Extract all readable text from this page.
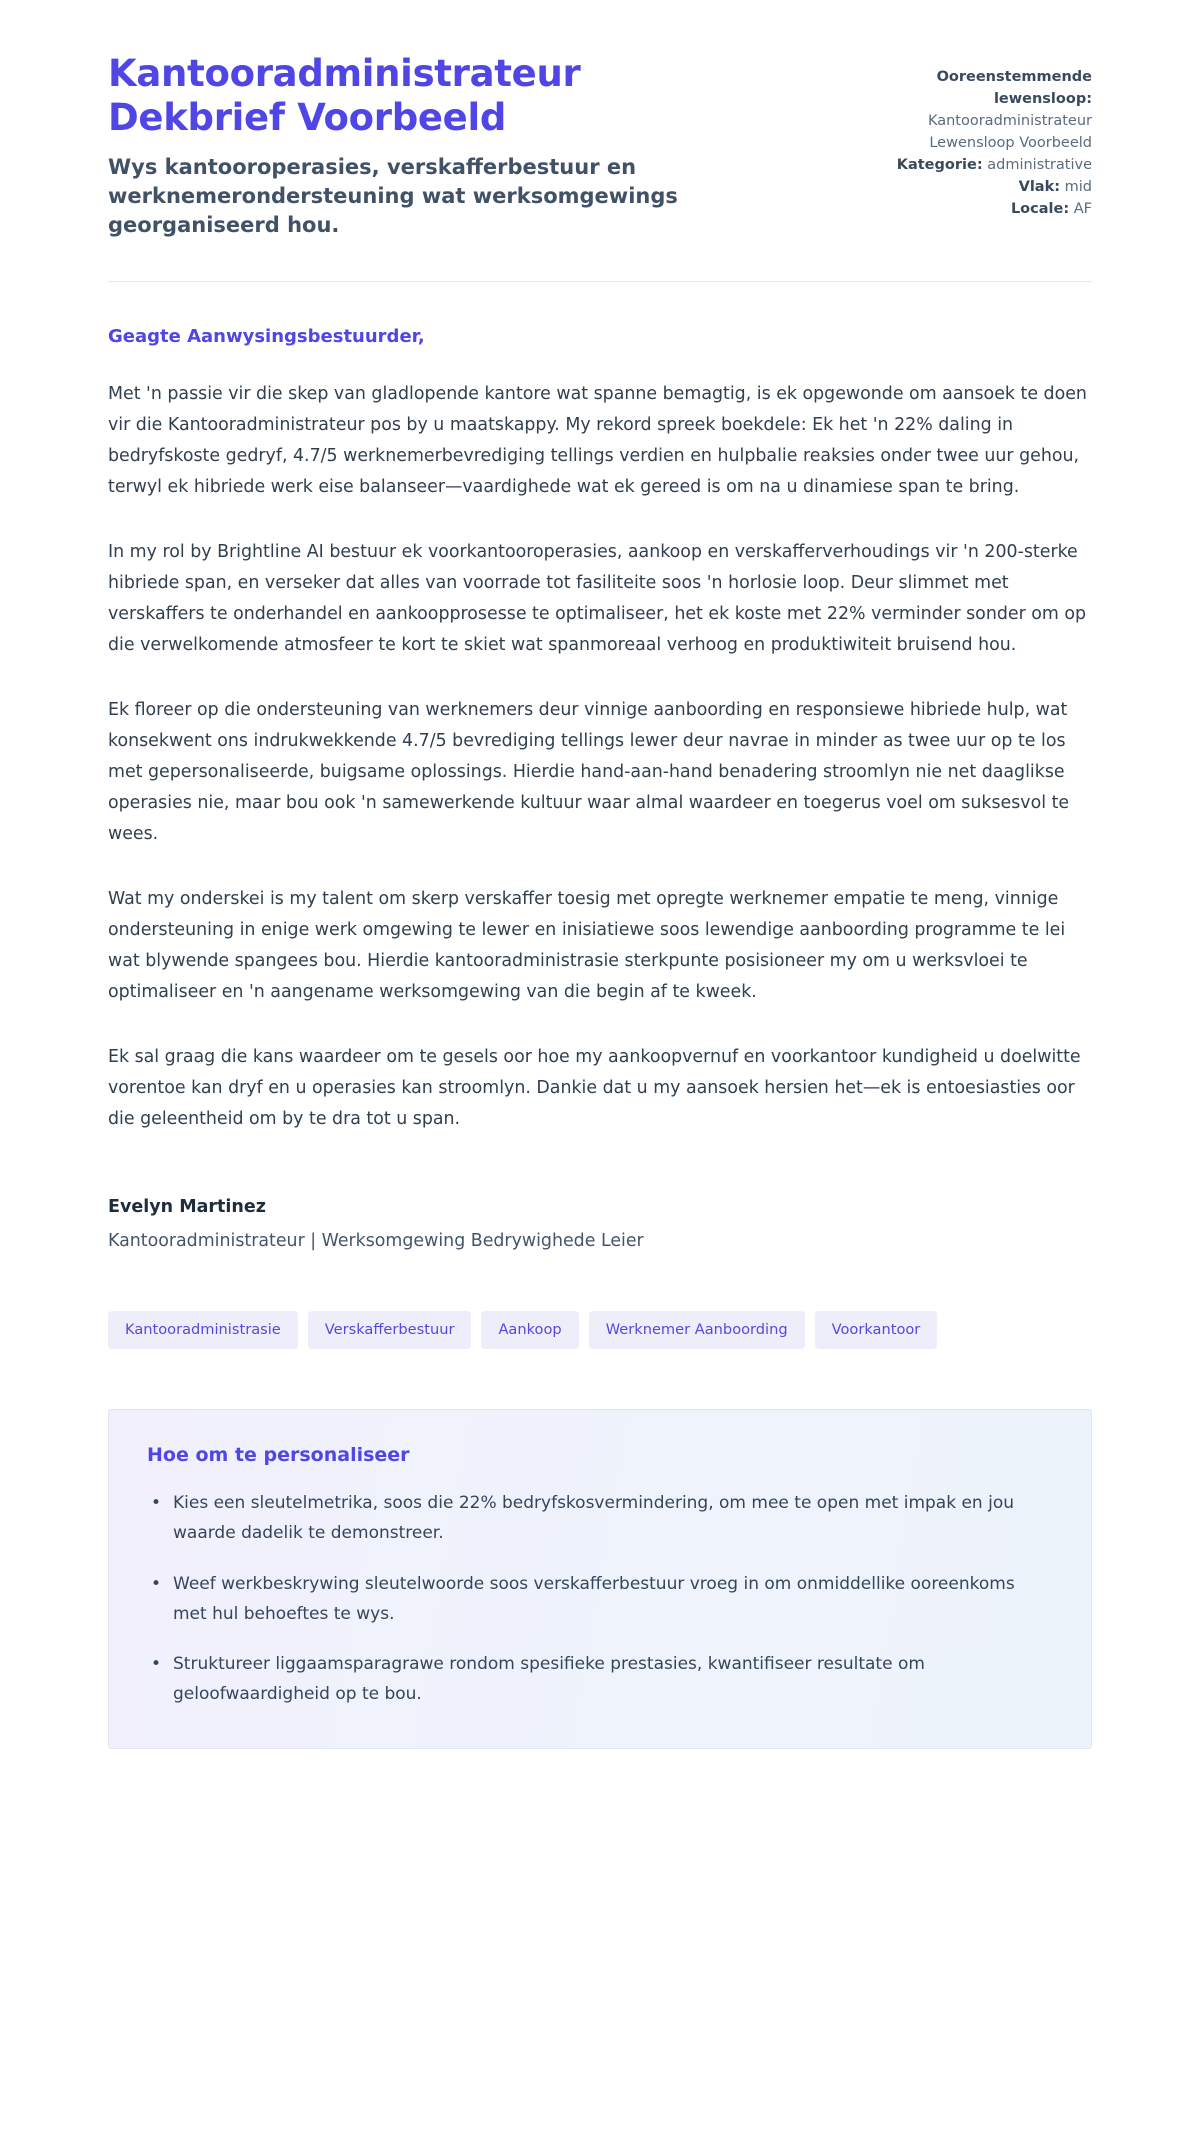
Kantooradministrateur Dekbrief Voorbeeld

Wys kantooroperasies, verskafferbestuur en werknemerondersteuning wat werksomgewings georganiseerd hou.

Ooreenstemmende lewensloop:
Kantooradministrateur Lewensloop Voorbeeld
Kategorie: administrative
Vlak: mid
Locale: AF

Geagte Aanwysingsbestuurder,

Met 'n passie vir die skep van gladlopende kantore wat spanne bemagtig, is ek opgewonde om aansoek te doen vir die Kantooradministrateur pos by u maatskappy. My rekord spreek boekdele: Ek het 'n 22% daling in bedryfskoste gedryf, 4.7/5 werknemerbevrediging tellings verdien en hulpbalie reaksies onder twee uur gehou, terwyl ek hibriede werk eise balanseer—vaardighede wat ek gereed is om na u dinamiese span te bring.

In my rol by Brightline AI bestuur ek voorkantooroperasies, aankoop en verskafferverhoudings vir 'n 200-sterke hibriede span, en verseker dat alles van voorrade tot fasiliteite soos 'n horlosie loop. Deur slimmet met verskaffers te onderhandel en aankoopprosesse te optimaliseer, het ek koste met 22% verminder sonder om op die verwelkomende atmosfeer te kort te skiet wat spanmoreaal verhoog en produktiwiteit bruisend hou.

Ek floreer op die ondersteuning van werknemers deur vinnige aanboording en responsiewe hibriede hulp, wat konsekwent ons indrukwekkende 4.7/5 bevrediging tellings lewer deur navrae in minder as twee uur op te los met gepersonaliseerde, buigsame oplossings. Hierdie hand-aan-hand benadering stroomlyn nie net daaglikse operasies nie, maar bou ook 'n samewerkende kultuur waar almal waardeer en toegerus voel om suksesvol te wees.

Wat my onderskei is my talent om skerp verskaffer toesig met opregte werknemer empatie te meng, vinnige ondersteuning in enige werk omgewing te lewer en inisiatiewe soos lewendige aanboording programme te lei wat blywende spangees bou. Hierdie kantooradministrasie sterkpunte posisioneer my om u werksvloei te optimaliseer en 'n aangename werksomgewing van die begin af te kweek.

Ek sal graag die kans waardeer om te gesels oor hoe my aankoopvernuf en voorkantoor kundigheid u doelwitte vorentoe kan dryf en u operasies kan stroomlyn. Dankie dat u my aansoek hersien het—ek is entoesiasties oor die geleentheid om by te dra tot u span.

Evelyn Martinez

Kantooradministrateur | Werksomgewing Bedrywighede Leier

Kantooradministrasie	Verskafferbestuur	Aankoop	Werknemer Aanboording	Voorkantoor
Hoe om te personaliseer
• Kies een sleutelmetrika, soos die 22% bedryfskosvermindering, om mee te open met impak en jou waarde dadelik te demonstreer.
• Weef werkbeskrywing sleutelwoorde soos verskafferbestuur vroeg in om onmiddellike ooreenkoms met hul behoeftes te wys.
• Struktureer liggaamsparagrawe rondom spesifieke prestasies, kwantifiseer resultate om geloofwaardigheid op te bou.
